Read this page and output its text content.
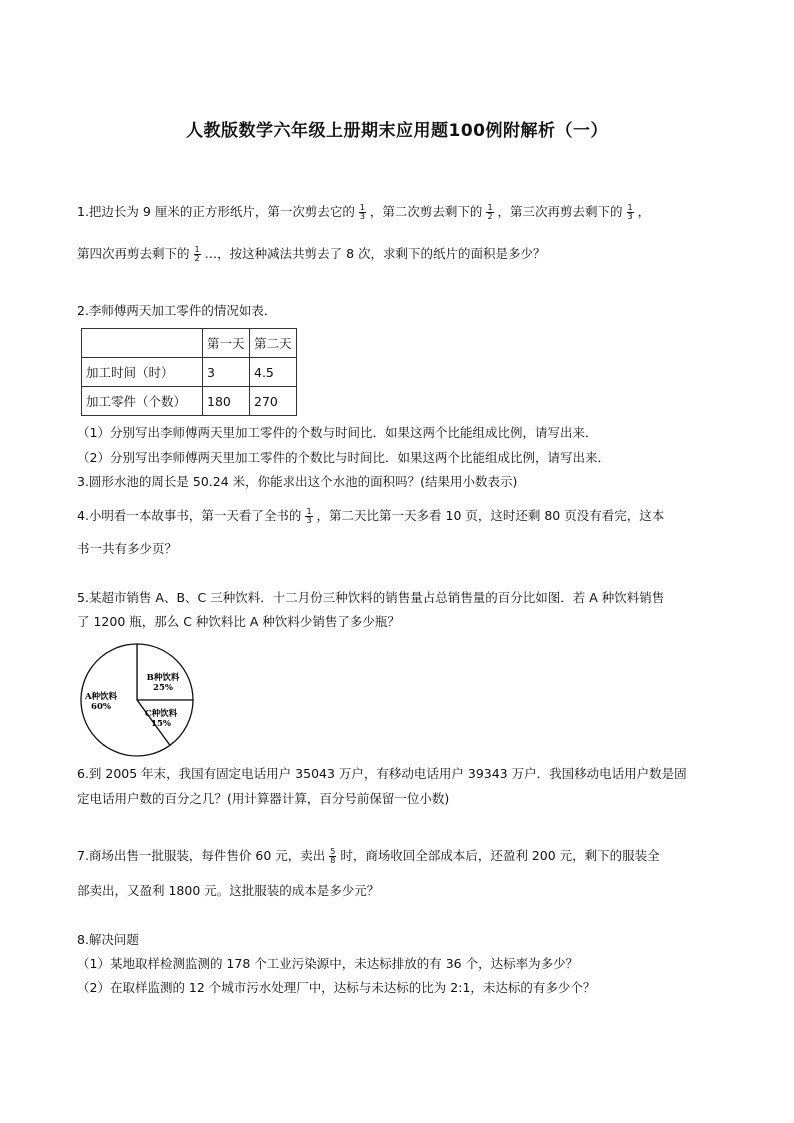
人教版数学六年级上册期末应用题100例附解析（一）
1.把边长为 9 厘米的正方形纸片，第一次剪去它的 $\frac{1}{3}$ ，第二次剪去剩下的 $\frac{1}{2}$ ，第三次再剪去剩下的 $\frac{1}{3}$ ，
第四次再剪去剩下的 $\frac{1}{2}$ …，按这种减法共剪去了 8 次，求剩下的纸片的面积是多少？
2.李师傅两天加工零件的情况如表．
	第一天	第二天
加工时间（时）	3	4.5
加工零件（个数）	180	270
（1）分别写出李师傅两天里加工零件的个数与时间比．如果这两个比能组成比例，请写出来．
（2）分别写出李师傅两天里加工零件的个数比与时间比．如果这两个比能组成比例，请写出来．
3.圆形水池的周长是 50.24 米，你能求出这个水池的面积吗？(结果用小数表示)
4.小明看一本故事书，第一天看了全书的 $\frac{1}{3}$ ，第二天比第一天多看 10 页，这时还剩 80 页没有看完，这本
书一共有多少页？
5.某超市销售 A、B、C 三种饮料．十二月份三种饮料的销售量占总销售量的百分比如图．若 A 种饮料销售
了 1200 瓶，那么 C 种饮料比 A 种饮料少销售了多少瓶？
B种饮料
25%
C种饮料
15%
A种饮料
60%
6.到 2005 年末，我国有固定电话用户 35043 万户，有移动电话用户 39343 万户．我国移动电话用户数是固
定电话用户数的百分之几？(用计算器计算，百分号前保留一位小数)
7.商场出售一批服装，每件售价 60 元，卖出 $\frac{5}{8}$ 时，商场收回全部成本后，还盈利 200 元，剩下的服装全
部卖出，又盈利 1800 元。这批服装的成本是多少元？
8.解决问题
（1）某地取样检测监测的 178 个工业污染源中，未达标排放的有 36 个，达标率为多少？
（2）在取样监测的 12 个城市污水处理厂中，达标与未达标的比为 2:1，未达标的有多少个？
